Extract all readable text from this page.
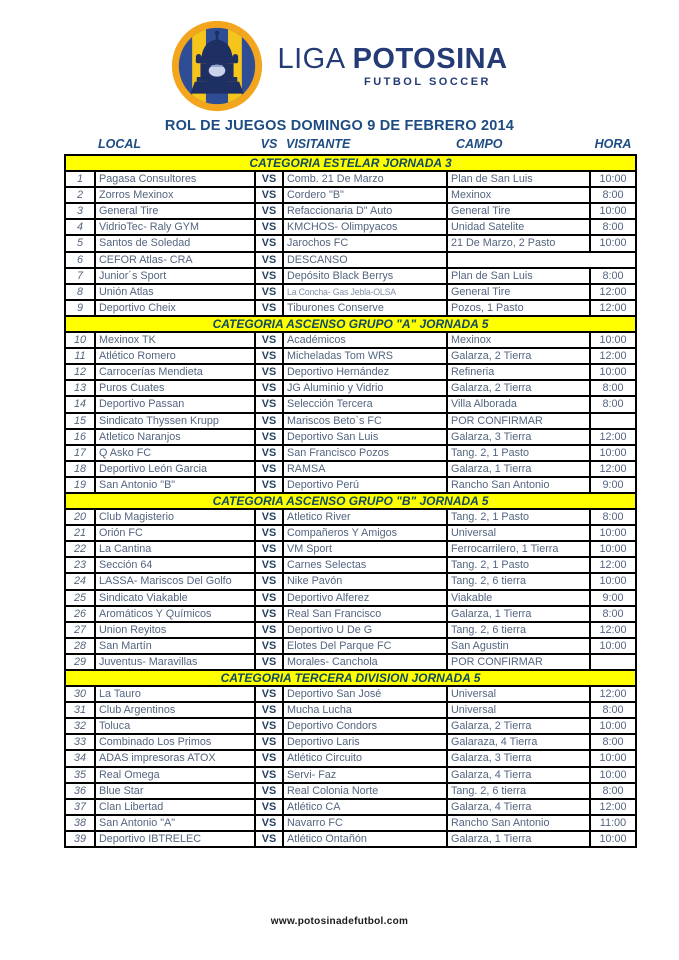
LIGA POTOSINA
FUTBOL SOCCER
ROL DE JUEGOS DOMINGO 9 DE FEBRERO 2014
LOCAL	VS VISITANTE	CAMPO	HORA
CATEGORIA ESTELAR JORNADA 3
1	Pagasa Consultores	VS Comb. 21 De Marzo	Plan de San Luis	10:00
2	Zorros Mexinox	VS Cordero "B"	Mexinox	8:00
3	General Tire	VS Refaccionaria D" Auto	General Tire	10:00
4	VidrioTec- Raly GYM	VS KMCHOS- Olimpyacos	Unidad Satelite	8:00
5	Santos de Soledad	VS Jarochos FC	21 De Marzo, 2 Pasto	10:00
6	CEFOR Atlas- CRA	VS DESCANSO
7	Junior´s Sport	VS Depósito Black Berrys	Plan de San Luis	8:00
8	Unión Atlas	VS	La Concha- Gas Jebla-OLSA	General Tire	12:00
9	Deportivo Cheix	VS Tiburones Conserve	Pozos, 1 Pasto	12:00
CATEGORIA ASCENSO GRUPO "A" JORNADA 5
10	Mexinox TK	VS Académicos	Mexinox	10:00
11	Atlético Romero	VS Micheladas Tom WRS	Galarza, 2 Tierra	12:00
12	Carrocerías Mendieta	VS Deportivo Hernández	Refineria	10:00
13	Puros Cuates	VS JG Aluminio y Vidrio	Galarza, 2 Tierra	8:00
14	Deportivo Passan	VS Selección Tercera	Villa Alborada	8:00
15	Sindicato Thyssen Krupp	VS Mariscos Beto`s FC	POR CONFIRMAR
16	Atletico Naranjos	VS Deportivo San Luis	Galarza, 3 Tierra	12:00
17	Q Asko FC	VS San Francisco Pozos	Tang. 2, 1 Pasto	10:00
18	Deportivo León Garcia	VS RAMSA	Galarza, 1 Tierra	12:00
19	San Antonio "B"	VS Deportivo Perú	Rancho San Antonio	9:00
CATEGORIA ASCENSO GRUPO "B" JORNADA 5
20	Club Magisterio	VS Atletico River	Tang. 2, 1 Pasto	8:00
21	Orión FC	VS Compañeros Y Amigos	Universal	10:00
22	La Cantina	VS VM Sport	Ferrocarrilero, 1 Tierra	10:00
23	Sección 64	VS Carnes Selectas	Tang. 2, 1 Pasto	12:00
24	LASSA- Mariscos Del Golfo	VS Nike Pavón	Tang. 2, 6 tierra	10:00
25	Sindicato Viakable	VS Deportivo Alferez	Viakable	9:00
26	Aromáticos Y Químicos	VS Real San Francisco	Galarza, 1 Tierra	8:00
27	Union Reyitos	VS Deportivo U De G	Tang. 2, 6 tierra	12:00
28	San Martín	VS Elotes Del Parque FC	San Agustin	10:00
29	Juventus- Maravillas	VS Morales- Canchola	POR CONFIRMAR
CATEGORIA TERCERA DIVISION JORNADA 5
30	La Tauro	VS Deportivo San José	Universal	12:00
31	Club Argentinos	VS Mucha Lucha	Universal	8:00
32	Toluca	VS Deportivo Condors	Galarza, 2 Tierra	10:00
33	Combinado Los Primos	VS Deportivo Laris	Galaraza, 4 Tierra	8:00
34	ADAS impresoras ATOX	VS Atlético Circuito	Galarza, 3 Tierra	10:00
35	Real Omega	VS Servi- Faz	Galarza, 4 Tierra	10:00
36	Blue Star	VS Real Colonia Norte	Tang. 2, 6 tierra	8:00
37	Clan Libertad	VS Atlético CA	Galarza, 4 Tierra	12:00
38	San Antonio "A"	VS Navarro FC	Rancho San Antonio	11:00
39	Deportivo IBTRELEC	VS Atlético Ontañón	Galarza, 1 Tierra	10:00
www.potosinadefutbol.com
